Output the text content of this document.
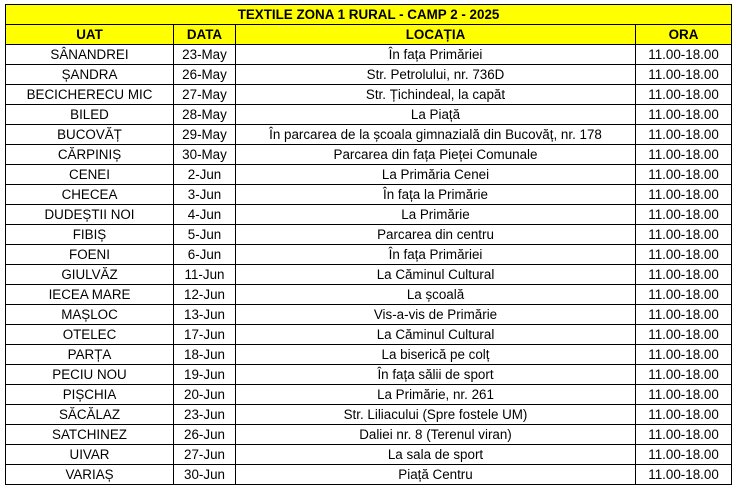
TEXTILE ZONA 1 RURAL - CAMP 2 - 2025			
UAT	DATA	LOCAȚIA	ORA
SÂNANDREI	23-May	În fața Primăriei	11.00-18.00
ȘANDRA	26-May	Str. Petrolului, nr. 736D	11.00-18.00
BECICHERECU MIC	27-May	Str. Țichindeal, la capăt	11.00-18.00
BILED	28-May	La Piață	11.00-18.00
BUCOVĂȚ	29-May	În parcarea de la școala gimnazială din Bucovăț, nr. 178	11.00-18.00
CĂRPINIȘ	30-May	Parcarea din fața Pieței Comunale	11.00-18.00
CENEI	2-Jun	La Primăria Cenei	11.00-18.00
CHECEA	3-Jun	În fața la Primărie	11.00-18.00
DUDEȘTII NOI	4-Jun	La Primărie	11.00-18.00
FIBIȘ	5-Jun	Parcarea din centru	11.00-18.00
FOENI	6-Jun	În fața Primăriei	11.00-18.00
GIULVĂZ	11-Jun	La Căminul Cultural	11.00-18.00
IECEA MARE	12-Jun	La școală	11.00-18.00
MAȘLOC	13-Jun	Vis-a-vis de Primărie	11.00-18.00
OTELEC	17-Jun	La Căminul Cultural	11.00-18.00
PARȚA	18-Jun	La biserică pe colț	11.00-18.00
PECIU NOU	19-Jun	În fața sălii de sport	11.00-18.00
PIȘCHIA	20-Jun	La Primărie, nr. 261	11.00-18.00
SĂCĂLAZ	23-Jun	Str. Liliacului (Spre fostele UM)	11.00-18.00
SATCHINEZ	26-Jun	Daliei nr. 8 (Terenul viran)	11.00-18.00
UIVAR	27-Jun	La sala de sport	11.00-18.00
VARIAȘ	30-Jun	Piață Centru	11.00-18.00
